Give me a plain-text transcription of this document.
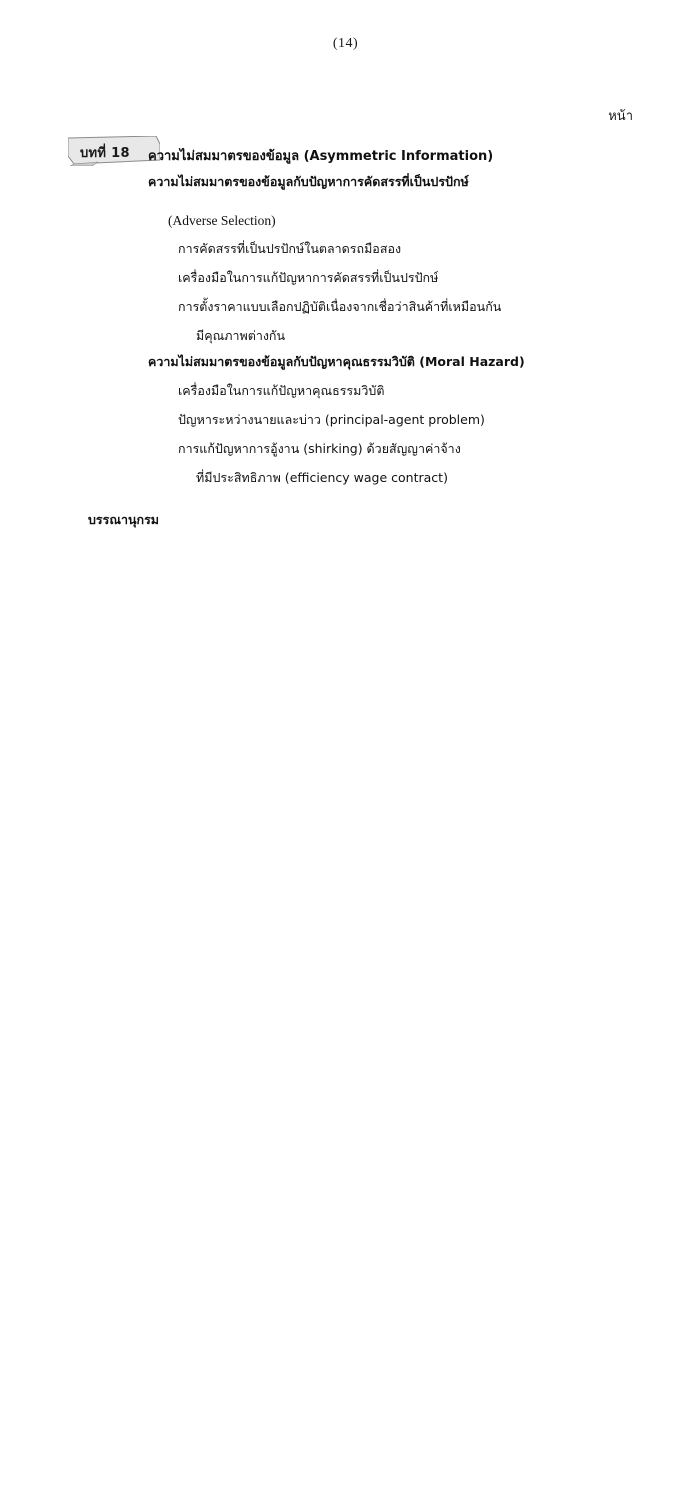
(14)
หน้า
บทที่ 18 ความไม่สมมาตรของข้อมูล (Asymmetric Information)
ความไม่สมมาตรของข้อมูลกับปัญหาการคัดสรรที่เป็นปรปักษ์
(Adverse Selection)
การคัดสรรที่เป็นปรปักษ์ในตลาดรถมือสอง
เครื่องมือในการแก้ปัญหาการคัดสรรที่เป็นปรปักษ์
การตั้งราคาแบบเลือกปฏิบัติเนื่องจากเชื่อว่าสินค้าที่เหมือนกัน
มีคุณภาพต่างกัน
ความไม่สมมาตรของข้อมูลกับปัญหาคุณธรรมวิบัติ (Moral Hazard)
เครื่องมือในการแก้ปัญหาคุณธรรมวิบัติ
ปัญหาระหว่างนายและบ่าว (principal-agent problem)
การแก้ปัญหาการอู้งาน (shirking) ด้วยสัญญาค่าจ้าง
ที่มีประสิทธิภาพ (efficiency wage contract)
บรรณานุกรม
